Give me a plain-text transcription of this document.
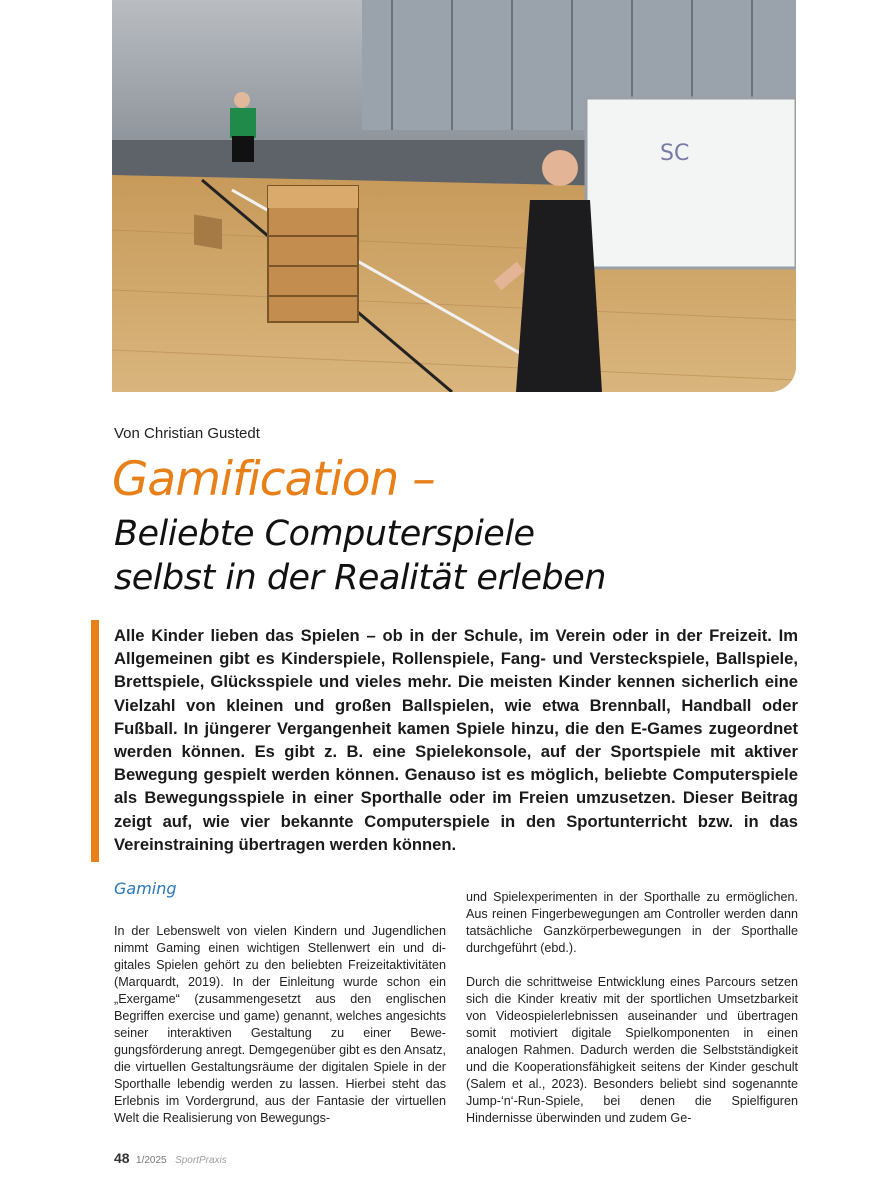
SC
Von Christian Gustedt
Gamification –
Beliebte Computerspiele
selbst in der Realität erleben

Alle Kinder lieben das Spielen – ob in der Schule, im Verein oder in der Freizeit. Im Allgemeinen gibt es Kinderspiele, Rollenspiele, Fang- und Versteckspiele, Ballspiele, Brettspiele, Glücksspiele und vieles mehr. Die meisten Kinder kennen sicherlich eine Vielzahl von kleinen und großen Ballspielen, wie etwa Brennball, Handball oder Fußball. In jüngerer Vergangenheit kamen Spiele hinzu, die den E-Games zugeordnet werden können. Es gibt z. B. eine Spielekonsole, auf der Sportspiele mit aktiver Bewegung gespielt werden können. Genauso ist es möglich, beliebte Computerspiele als Bewegungsspiele in einer Sporthalle oder im Freien umzusetzen. Dieser Beitrag zeigt auf, wie vier bekannte Computerspiele in den Sportunterricht bzw. in das Vereinstraining übertragen werden können.

Gaming

In der Lebenswelt von vielen Kindern und Jugendlichen nimmt Gaming einen wichtigen Stellenwert ein und digitales Spielen gehört zu den beliebten Freizeitaktivitäten (Marquardt, 2019). In der Einleitung wurde schon ein „Exergame“ (zusammengesetzt aus den englischen Begriffen exercise und game) genannt, welches angesichts seiner interaktiven Gestaltung zu einer Bewegungsförderung anregt. Demgegenüber gibt es den Ansatz, die virtuellen Gestaltungsräume der digitalen Spiele in der Sporthalle lebendig werden zu lassen. Hierbei steht das Erlebnis im Vordergrund, aus der Fantasie der virtuellen Welt die Realisierung von Bewegungs-

und Spielexperimenten in der Sporthalle zu ermöglichen. Aus reinen Fingerbewegungen am Controller werden dann tatsächliche Ganzkörperbewegungen in der Sporthalle durchgeführt (ebd.).

Durch die schrittweise Entwicklung eines Parcours setzen sich die Kinder kreativ mit der sportlichen Umsetzbarkeit von Videospielerlebnissen auseinander und übertragen somit motiviert digitale Spielkomponenten in einen analogen Rahmen. Dadurch werden die Selbstständigkeit und die Kooperationsfähigkeit seitens der Kinder geschult (Salem et al., 2023). Besonders beliebt sind sogenannte Jump-‘n‘-Run-Spiele, bei denen die Spielfiguren Hindernisse überwinden und zudem Ge-

48 1/2025 SportPraxis
